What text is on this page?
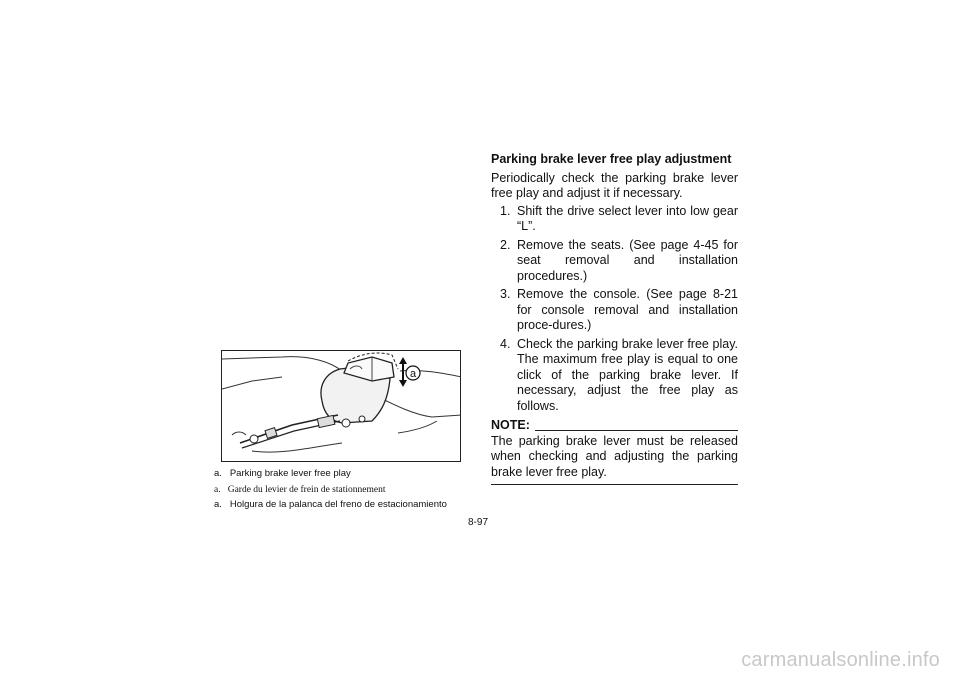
a

a.   Parking brake lever free play

a.   Garde du levier de frein de stationnement

a.   Holgura de la palanca del freno de estacionamiento

Parking brake lever free play adjustment

Periodically check the parking brake lever free play and adjust it if necessary.

1. Shift the drive select lever into low gear “L”.
2. Remove the seats. (See page 4-45 for seat removal and installation procedures.)
3. Remove the console. (See page 8-21 for console removal and installation proce-dures.)
4. Check the parking brake lever free play. The maximum free play is equal to one click of the parking brake lever. If necessary, adjust the free play as follows.
NOTE:

The parking brake lever must be released when checking and adjusting the parking brake lever free play.

8-97
carmanualsonline.info
